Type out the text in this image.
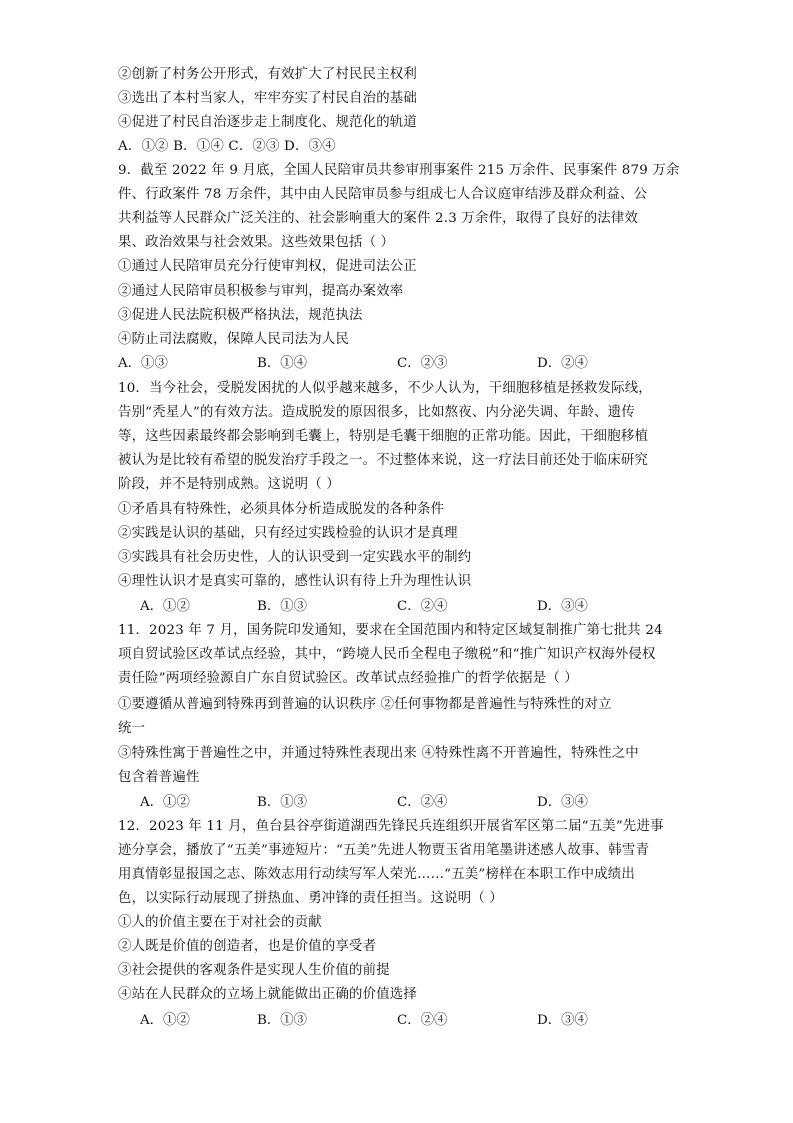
②创新了村务公开形式，有效扩大了村民民主权利
③选出了本村当家人，牢牢夯实了村民自治的基础
④促进了村民自治逐步走上制度化、规范化的轨道
A．①② B．①④ C．②③ D．③④
9．截至 2022 年 9 月底，全国人民陪审员共参审刑事案件 215 万余件、民事案件 879 万余
件、行政案件 78 万余件，其中由人民陪审员参与组成七人合议庭审结涉及群众利益、公
共利益等人民群众广泛关注的、社会影响重大的案件 2.3 万余件，取得了良好的法律效
果、政治效果与社会效果。这些效果包括（ ）
①通过人民陪审员充分行使审判权，促进司法公正
②通过人民陪审员积极参与审判，提高办案效率
③促进人民法院积极严格执法，规范执法
④防止司法腐败，保障人民司法为人民
A．①③	B．①④	C．②③	D．②④
10．当今社会，受脱发困扰的人似乎越来越多，不少人认为，干细胞移植是拯救发际线，
告别“秃星人”的有效方法。造成脱发的原因很多，比如熬夜、内分泌失调、年龄、遗传
等，这些因素最终都会影响到毛囊上，特别是毛囊干细胞的正常功能。因此，干细胞移植
被认为是比较有希望的脱发治疗手段之一。不过整体来说，这一疗法目前还处于临床研究
阶段，并不是特别成熟。这说明（ ）
①矛盾具有特殊性，必须具体分析造成脱发的各种条件
②实践是认识的基础，只有经过实践检验的认识才是真理
③实践具有社会历史性，人的认识受到一定实践水平的制约
④理性认识才是真实可靠的，感性认识有待上升为理性认识
A．①②	B．①③	C．②④	D．③④
11．2023 年 7 月，国务院印发通知，要求在全国范围内和特定区域复制推广第七批共 24
项自贸试验区改革试点经验，其中，“跨境人民币全程电子缴税”和“推广知识产权海外侵权
责任险”两项经验源自广东自贸试验区。改革试点经验推广的哲学依据是（ ）
①要遵循从普遍到特殊再到普遍的认识秩序 ②任何事物都是普遍性与特殊性的对立
统一
③特殊性寓于普遍性之中，并通过特殊性表现出来 ④特殊性离不开普遍性，特殊性之中
包含着普遍性
A．①②	B．①③	C．②④	D．③④
12．2023 年 11 月，鱼台县谷亭街道湖西先锋民兵连组织开展省军区第二届“五美”先进事
迹分享会，播放了“五美”事迹短片：“五美”先进人物贾玉省用笔墨讲述感人故事、韩雪青
用真情彰显报国之志、陈效志用行动续写军人荣光……“五美”榜样在本职工作中成绩出
色，以实际行动展现了拼热血、勇冲锋的责任担当。这说明（ ）
①人的价值主要在于对社会的贡献
②人既是价值的创造者，也是价值的享受者
③社会提供的客观条件是实现人生价值的前提
④站在人民群众的立场上就能做出正确的价值选择
A．①②	B．①③	C．②④	D．③④
